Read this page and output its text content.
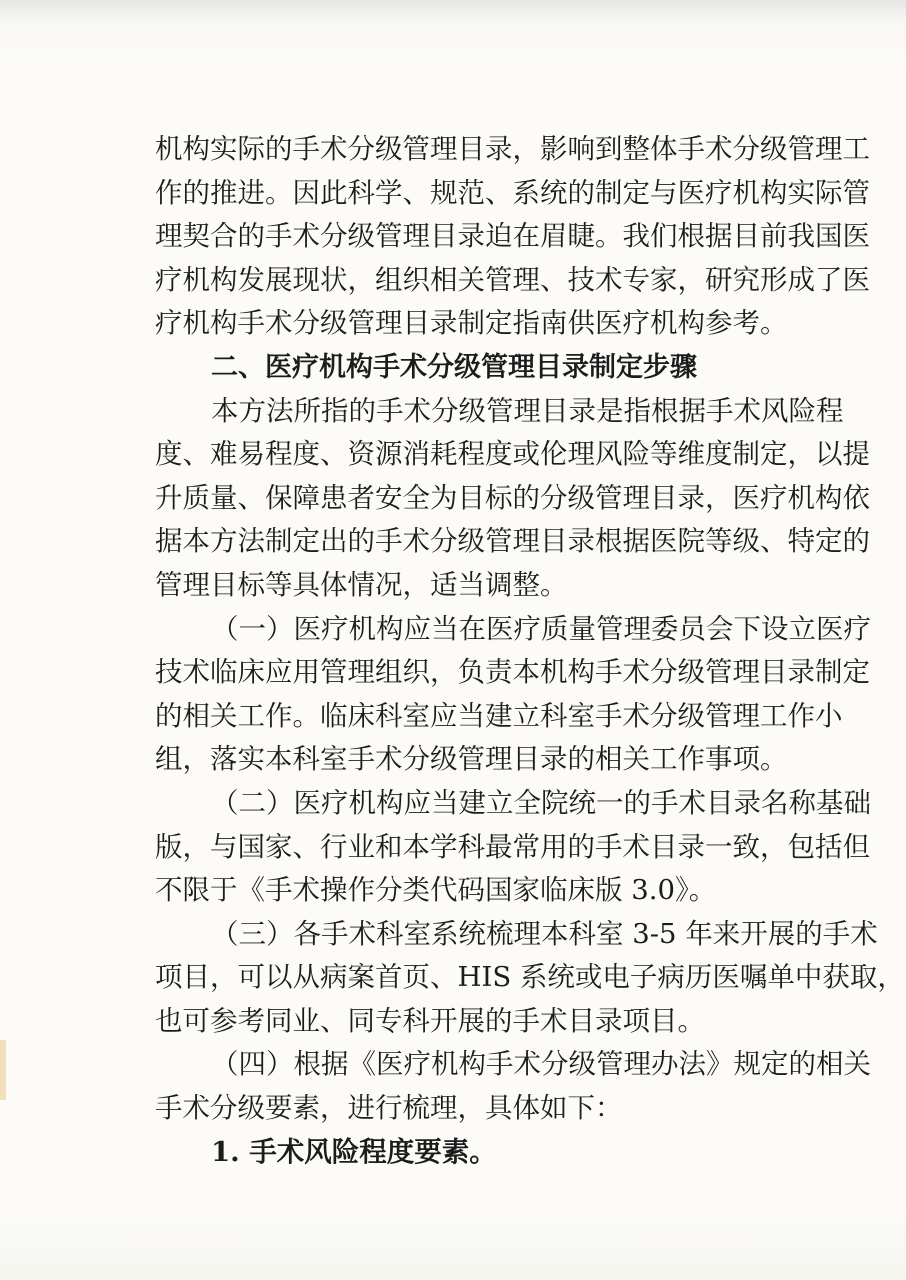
机构实际的手术分级管理目录，影响到整体手术分级管理工
作的推进。因此科学、规范、系统的制定与医疗机构实际管
理契合的手术分级管理目录迫在眉睫。我们根据目前我国医
疗机构发展现状，组织相关管理、技术专家，研究形成了医
疗机构手术分级管理目录制定指南供医疗机构参考。
二、医疗机构手术分级管理目录制定步骤
本方法所指的手术分级管理目录是指根据手术风险程
度、难易程度、资源消耗程度或伦理风险等维度制定，以提
升质量、保障患者安全为目标的分级管理目录，医疗机构依
据本方法制定出的手术分级管理目录根据医院等级、特定的
管理目标等具体情况，适当调整。
（一）医疗机构应当在医疗质量管理委员会下设立医疗
技术临床应用管理组织，负责本机构手术分级管理目录制定
的相关工作。临床科室应当建立科室手术分级管理工作小
组，落实本科室手术分级管理目录的相关工作事项。
（二）医疗机构应当建立全院统一的手术目录名称基础
版，与国家、行业和本学科最常用的手术目录一致，包括但
不限于《手术操作分类代码国家临床版 3.0》。
（三）各手术科室系统梳理本科室 3-5 年来开展的手术
项目，可以从病案首页、HIS 系统或电子病历医嘱单中获取，
也可参考同业、同专科开展的手术目录项目。
（四）根据《医疗机构手术分级管理办法》规定的相关
手术分级要素，进行梳理，具体如下：
1. 手术风险程度要素。
